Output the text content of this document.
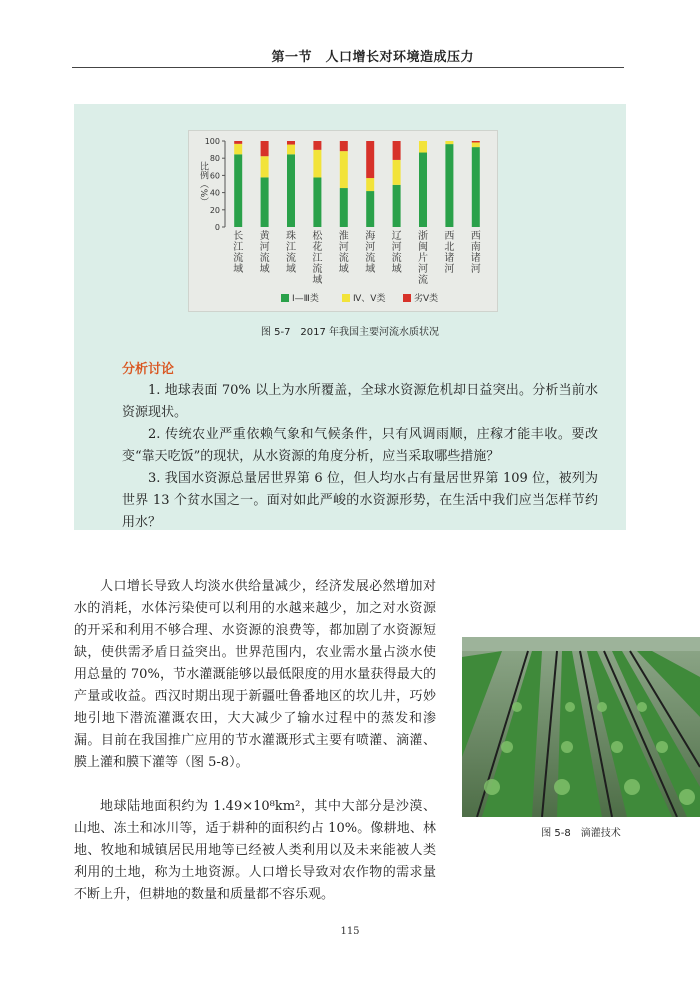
第一节　人口增长对环境造成压力
0
20
40
60
80
100
比例（%）
长
江
流
域
黄
河
流
域
珠
江
流
域
松
花
江
流
域
淮
河
流
域
海
河
流
域
辽
河
流
域
浙
闽
片
河
流
西
北
诸
河
西
南
诸
河
Ⅰ—Ⅲ类	Ⅳ、Ⅴ类	劣Ⅴ类
图 5-7　2017 年我国主要河流水质状况
分析讨论

1. 地球表面 70% 以上为水所覆盖，全球水资源危机却日益突出。分析当前水资源现状。

2. 传统农业严重依赖气象和气候条件，只有风调雨顺，庄稼才能丰收。要改变“靠天吃饭”的现状，从水资源的角度分析，应当采取哪些措施？

3. 我国水资源总量居世界第 6 位，但人均水占有量居世界第 109 位，被列为世界 13 个贫水国之一。面对如此严峻的水资源形势，在生活中我们应当怎样节约用水？

人口增长导致人均淡水供给量减少，经济发展必然增加对水的消耗，水体污染使可以利用的水越来越少，加之对水资源的开采和利用不够合理、水资源的浪费等，都加剧了水资源短缺，使供需矛盾日益突出。世界范围内，农业需水量占淡水使用总量的 70%，节水灌溉能够以最低限度的用水量获得最大的产量或收益。西汉时期出现于新疆吐鲁番地区的坎儿井，巧妙地引地下潜流灌溉农田，大大减少了输水过程中的蒸发和渗漏。目前在我国推广应用的节水灌溉形式主要有喷灌、滴灌、膜上灌和膜下灌等（图 5-8）。

地球陆地面积约为 1.49×10⁸km²，其中大部分是沙漠、山地、冻土和冰川等，适于耕种的面积约占 10%。像耕地、林地、牧地和城镇居民用地等已经被人类利用以及未来能被人类利用的土地，称为土地资源。人口增长导致对农作物的需求量不断上升，但耕地的数量和质量都不容乐观。

图 5-8　滴灌技术
115
